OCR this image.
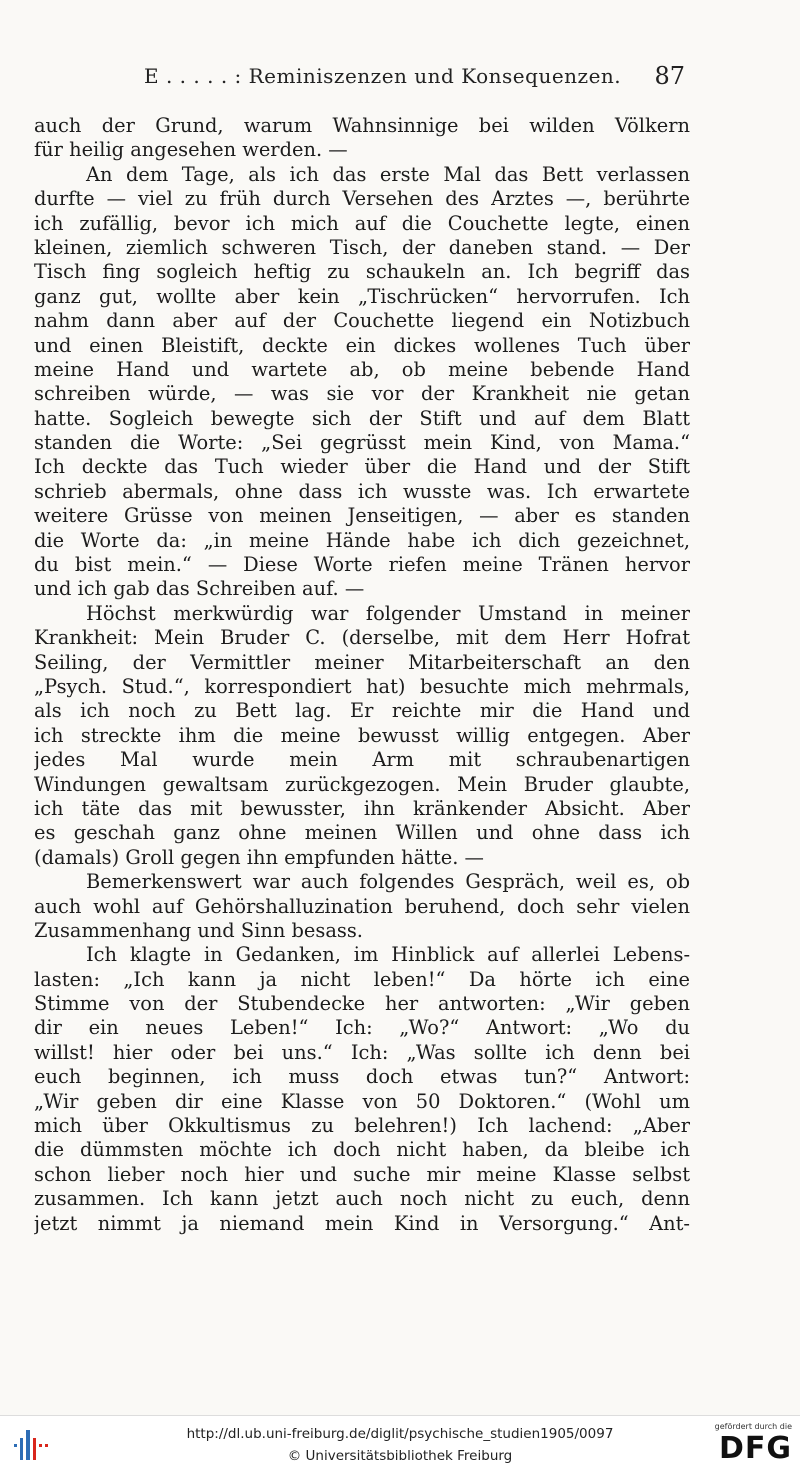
E . . . . . : Reminiszenzen und Konsequenzen. 87
auch der Grund, warum Wahnsinnige bei wilden Völkern
für heilig angesehen werden. —
An dem Tage, als ich das erste Mal das Bett verlassen
durfte — viel zu früh durch Versehen des Arztes —, berührte
ich zufällig, bevor ich mich auf die Couchette legte, einen
kleinen, ziemlich schweren Tisch, der daneben stand. — Der
Tisch fing sogleich heftig zu schaukeln an. Ich begriff das
ganz gut, wollte aber kein „Tischrücken“ hervorrufen. Ich
nahm dann aber auf der Couchette liegend ein Notizbuch
und einen Bleistift, deckte ein dickes wollenes Tuch über
meine Hand und wartete ab, ob meine bebende Hand
schreiben würde, — was sie vor der Krankheit nie getan
hatte. Sogleich bewegte sich der Stift und auf dem Blatt
standen die Worte: „Sei gegrüsst mein Kind, von Mama.“
Ich deckte das Tuch wieder über die Hand und der Stift
schrieb abermals, ohne dass ich wusste was. Ich erwartete
weitere Grüsse von meinen Jenseitigen, — aber es standen
die Worte da: „in meine Hände habe ich dich gezeichnet,
du bist mein.“ — Diese Worte riefen meine Tränen hervor
und ich gab das Schreiben auf. —
Höchst merkwürdig war folgender Umstand in meiner
Krankheit: Mein Bruder C. (derselbe, mit dem Herr Hofrat
Seiling, der Vermittler meiner Mitarbeiterschaft an den
„Psych. Stud.“, korrespondiert hat) besuchte mich mehrmals,
als ich noch zu Bett lag. Er reichte mir die Hand und
ich streckte ihm die meine bewusst willig entgegen. Aber
jedes Mal wurde mein Arm mit schraubenartigen
Windungen gewaltsam zurückgezogen. Mein Bruder glaubte,
ich täte das mit bewusster, ihn kränkender Absicht. Aber
es geschah ganz ohne meinen Willen und ohne dass ich
(damals) Groll gegen ihn empfunden hätte. —
Bemerkenswert war auch folgendes Gespräch, weil es, ob
auch wohl auf Gehörshalluzination beruhend, doch sehr vielen
Zusammenhang und Sinn besass.
Ich klagte in Gedanken, im Hinblick auf allerlei Lebens-
lasten: „Ich kann ja nicht leben!“ Da hörte ich eine
Stimme von der Stubendecke her antworten: „Wir geben
dir ein neues Leben!“ Ich: „Wo?“ Antwort: „Wo du
willst! hier oder bei uns.“ Ich: „Was sollte ich denn bei
euch beginnen, ich muss doch etwas tun?“ Antwort:
„Wir geben dir eine Klasse von 50 Doktoren.“ (Wohl um
mich über Okkultismus zu belehren!) Ich lachend: „Aber
die dümmsten möchte ich doch nicht haben, da bleibe ich
schon lieber noch hier und suche mir meine Klasse selbst
zusammen. Ich kann jetzt auch noch nicht zu euch, denn
jetzt nimmt ja niemand mein Kind in Versorgung.“ Ant-
http://dl.ub.uni-freiburg.de/diglit/psychische_studien1905/0097
© Universitätsbibliothek Freiburg
gefördert durch die
DFG
